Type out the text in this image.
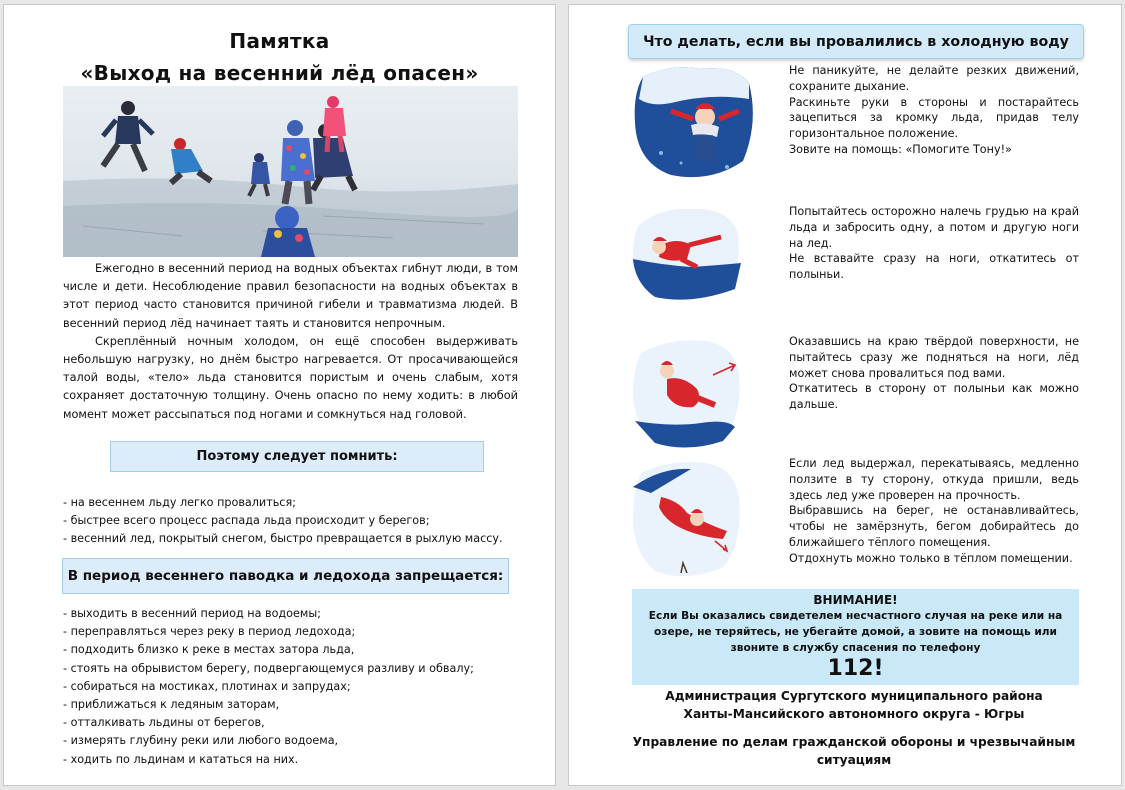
Памятка
«Выход на весенний лёд опасен»

Ежегодно в весенний период на водных объектах гибнут люди, в том числе и дети. Несоблюдение правил безопасности на водных объектах в этот период часто становится причиной гибели и травматизма людей. В весенний период лёд начинает таять и становится непрочным.

Скреплённый ночным холодом, он ещё способен выдерживать небольшую нагрузку, но днём быстро нагревается. От просачивающейся талой воды, «тело» льда становится пористым и очень слабым, хотя сохраняет достаточную толщину. Очень опасно по нему ходить: в любой момент может рассыпаться под ногами и сомкнуться над головой.

Поэтому следует помнить:
- на весеннем льду легко провалиться;
- быстрее всего процесс распада льда происходит у берегов;
- весенний лед, покрытый снегом, быстро превращается в рыхлую массу.
В период весеннего паводка и ледохода запрещается:
- выходить в весенний период на водоемы;
- переправляться через реку в период ледохода;
- подходить близко к реке в местах затора льда,
- стоять на обрывистом берегу, подвергающемуся разливу и обвалу;
- собираться на мостиках, плотинах и запрудах;
- приближаться к ледяным заторам,
- отталкивать льдины от берегов,
- измерять глубину реки или любого водоема,
- ходить по льдинам и кататься на них.
Что делать, если вы провалились в холодную воду
Не паникуйте, не делайте резких движений, сохраните дыхание.
Раскиньте руки в стороны и постарайтесь зацепиться за кромку льда, придав телу горизонтальное положение.
Зовите на помощь: «Помогите Тону!»
Попытайтесь осторожно налечь грудью на край льда и забросить одну, а потом и другую ноги на лед.
Не вставайте сразу на ноги, откатитесь от полыньи.
Оказавшись на краю твёрдой поверхности, не пытайтесь сразу же подняться на ноги, лёд может снова провалиться под вами.
Откатитесь в сторону от полыньи как можно дальше.
Если лед выдержал, перекатываясь, медленно ползите в ту сторону, откуда пришли, ведь здесь лед уже проверен на прочность.
Выбравшись на берег, не останавливайтесь, чтобы не замёрзнуть, бегом добирайтесь до ближайшего тёплого помещения.
Отдохнуть можно только в тёплом помещении.
ВНИМАНИЕ!
Если Вы оказались свидетелем несчастного случая на реке или на озере, не теряйтесь, не убегайте домой, а зовите на помощь или звоните в службу спасения по телефону
112!
Администрация Сургутского муниципального района
Ханты-Мансийского автономного округа - Югры
Управление по делам гражданской обороны и чрезвычайным ситуациям
